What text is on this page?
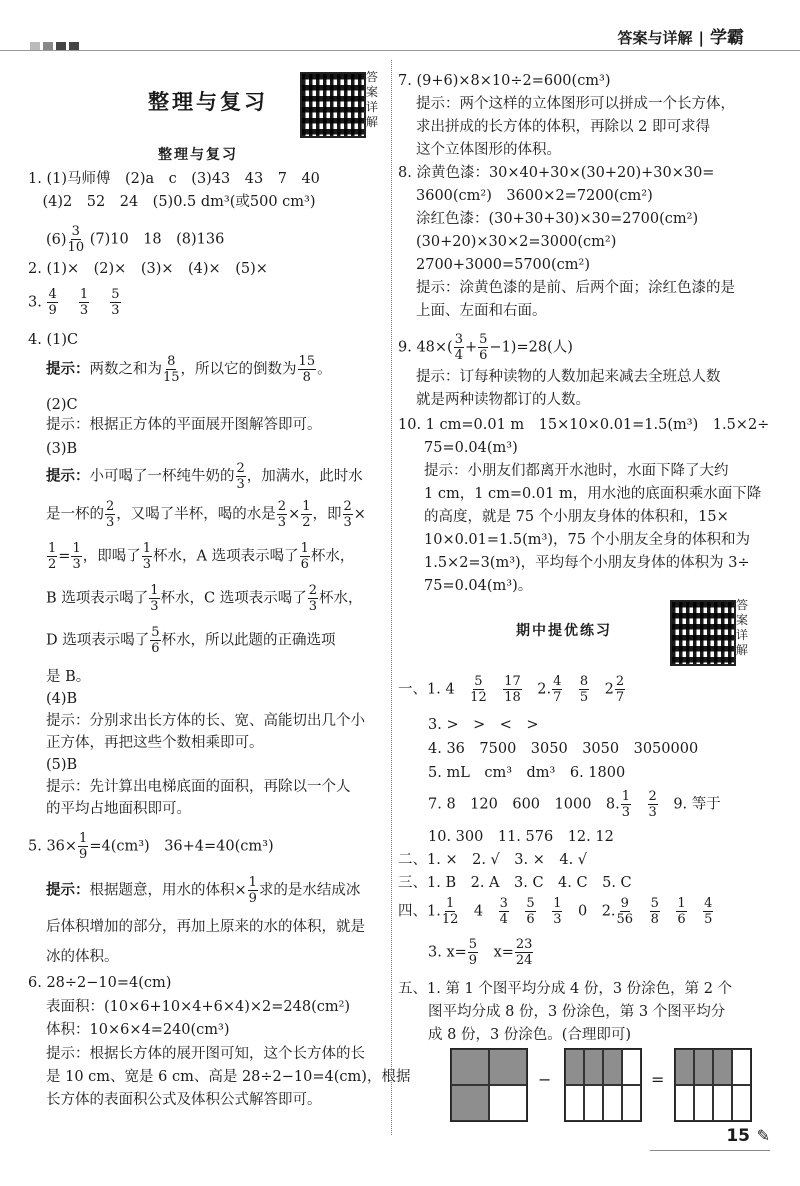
答案与详解 | 学霸
整理与复习
答
案
详
解
整理与复习
1. (1)马师傅　(2)a　c　(3)43　43　7　40
　(4)2　52　24　(5)0.5 dm³(或500 cm³)
$(6) \frac{3}{10} (7)10$　18　(8)136
2. (1)×　(2)×　(3)×　(4)×　(5)×
3. $\frac{4}{9}$
　 $\frac{1}{3}$
　 $\frac{5}{3}$
4. (1)C
提示：两数之和为 $\frac{8}{15}$ ，所以它的倒数为 $\frac{15}{8}$ 。
(2)C
提示：根据正方体的平面展开图解答即可。
(3)B
提示：小可喝了一杯纯牛奶的 $\frac{2}{3}$ ，加满水，此时水
是一杯的 $\frac{2}{3}$ ，又喝了半杯，喝的水是 $\frac{2}{3} \times \frac{1}{2}$ ，即 $\frac{2}{3}$ ×
$\frac{1}{2} = \frac{1}{3}$ ，即喝了 $\frac{1}{3}$ 杯水，A 选项表示喝了 $\frac{1}{6}$ 杯水，
B 选项表示喝了 $\frac{1}{3}$ 杯水，C 选项表示喝了 $\frac{2}{3}$ 杯水，
D 选项表示喝了 $\frac{5}{6}$ 杯水，所以此题的正确选项
是 B。
(4)B
提示：分别求出长方体的长、宽、高能切出几个小
正方体，再把这些个数相乘即可。
(5)B
提示：先计算出电梯底面的面积，再除以一个人
的平均占地面积即可。
5. $36\times \frac{1}{9} =4(cm^3)$　36+4=40(cm³)
提示：根据题意，用水的体积× $\frac{1}{9}$ 求的是水结成冰
后体积增加的部分，再加上原来的水的体积，就是
冰的体积。
6. 28÷2−10=4(cm)
表面积：(10×6+10×4+6×4)×2=248(cm²)
体积：10×6×4=240(cm³)
提示：根据长方体的展开图可知，这个长方体的长
是 10 cm、宽是 6 cm、高是 28÷2−10=4(cm)，根据
长方体的表面积公式及体积公式解答即可。
7. (9+6)×8×10÷2=600(cm³)
提示：两个这样的立体图形可以拼成一个长方体，
求出拼成的长方体的体积，再除以 2 即可求得
这个立体图形的体积。
8. 涂黄色漆：30×40+30×(30+20)+30×30=
3600(cm²)　3600×2=7200(cm²)
涂红色漆：(30+30+30)×30=2700(cm²)
(30+20)×30×2=3000(cm²)
2700+3000=5700(cm²)
提示：涂黄色漆的是前、后两个面；涂红色漆的是
上面、左面和右面。
9. $48\times( \frac{3}{4} + \frac{5}{6} -1)=28$(人)
提示：订每种读物的人数加起来减去全班总人数
就是两种读物都订的人数。
10. 1 cm=0.01 m　15×10×0.01=1.5(m³)　1.5×2÷
75=0.04(m³)
提示：小朋友们都离开水池时，水面下降了大约
1 cm，1 cm=0.01 m，用水池的底面积乘水面下降
的高度，就是 75 个小朋友身体的体积和，15×
10×0.01=1.5(m³)，75 个小朋友全身的体积和为
1.5×2=3(m³)，平均每个小朋友身体的体积为 3÷
75=0.04(m³)。
答
案
详
解
期中提优练习
一、1. 4　 $\frac{5}{12}$
　 $\frac{17}{18}$
　 2. $\frac{4}{7}$
　 $\frac{8}{5}$
　 $2 \frac{2}{7}$
3. >　>　<　>
4. 36　7500　3050　3050　3050000
5. mL　cm³　dm³　6. 1800
7. 8　120　600　1000　8. $\frac{1}{3}$
　 $\frac{2}{3}$
　 9. 等于
10. 300　11. 576　12. 12
二、1. ×　2. √　3. ×　4. √
三、1. B　2. A　3. C　4. C　5. C
四、1. $\frac{1}{12}$
　 4　 $\frac{3}{4}$
　 $\frac{5}{6}$
　 $\frac{1}{3}$
　 0　2. $\frac{9}{56}$
　 $\frac{5}{8}$
　 $\frac{1}{6}$
　 $\frac{4}{5}$
3. $x= \frac{5}{9}$
　 $x= \frac{23}{24}$
五、1. 第 1 个图平均分成 4 份，3 份涂色，第 2 个
图平均分成 8 份，3 份涂色，第 3 个图平均分
成 8 份，3 份涂色。(合理即可)
−	=
15 ✎
